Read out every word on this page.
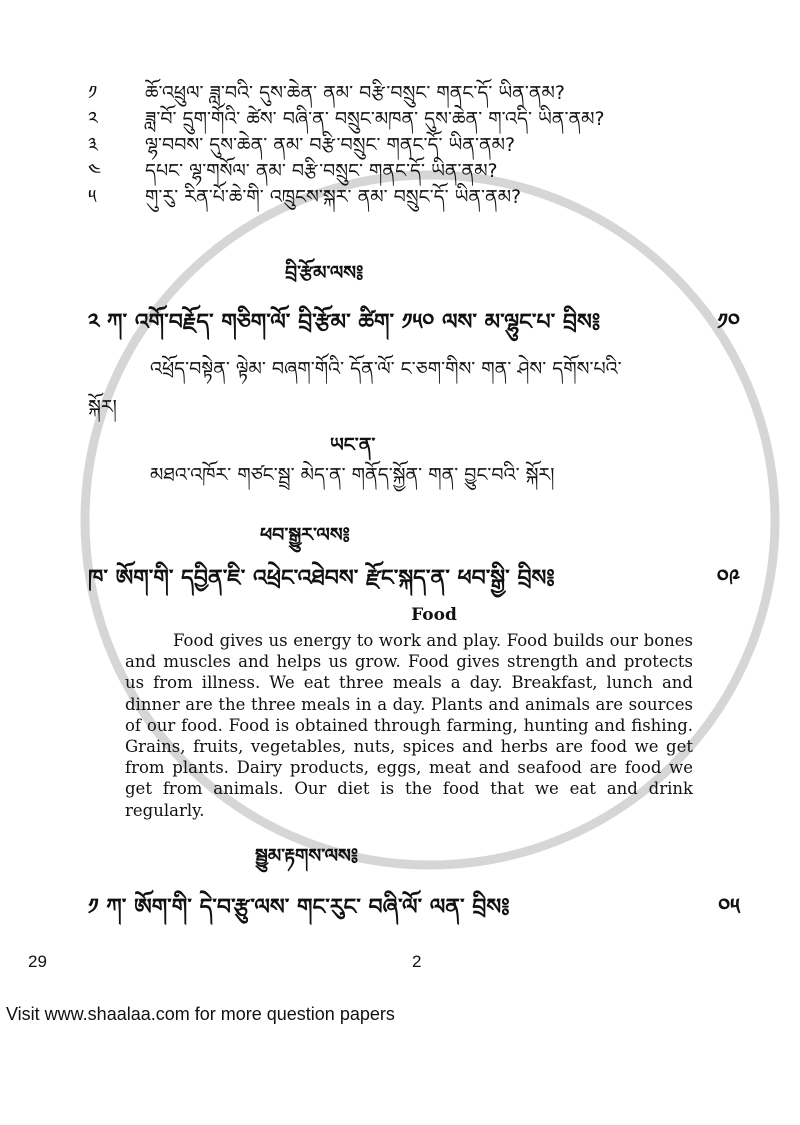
༡	ཆོ་འཕྲུལ་ ཟླ་བའི་ དུས་ཆེན་ ནམ་ བརྩི་བསྲུང་ གནང་དོ་ ཡིན་ནམ?
༢	ཟླ་བོ་ དྲུག་གོའི་ ཚེས་ བཞི་ན་ བསྲུང་མཁན་ དུས་ཆེན་ ག་འདི་ ཡིན་ནམ?
༣	ལྷ་བབས་ དུས་ཆེན་ ནམ་ བརྩི་བསྲུང་ གནང་དོ་ ཡིན་ནམ?
༤	དཔང་ ལྷ་གསོལ་ ནམ་ བརྩི་བསྲུང་ གནང་དོ་ ཡིན་ནམ?
༥	གུ་རུ་ རིན་པོ་ཆེ་གི་ འཁྲུངས་སྐར་ ནམ་ བསྲུང་དོ་ ཡིན་ནམ?
བྲི་རྩོམ་ལས༔
༢ ཀ་ འགོ་བརྗོད་ གཅིག་ལོ་ བྲི་རྩོམ་ ཚིག་ ༡༥༠ ལས་ མ་ལྷུང་པ་ བྲིས༔	༡༠
འཕྲོད་བསྟེན་ ལྟེམ་ བཞག་གོའི་ དོན་ལོ་ ང་ཅག་གིས་ གན་ ཤེས་ དགོས་པའི་
སྐོར།
ཡང་ན་
མཐའ་འཁོར་ གཙང་སྦྲ་ མེད་ན་ གནོད་སྐྱོན་ གན་ བྱུང་བའི་ སྐོར།
ཕབ་སྒྱུར་ལས༔
ཁ་ ཨོག་གི་ དབྱིན་ཇི་ འཕྲེང་འཐེབས་ རྫོང་སྐད་ན་ ཕབ་སྒྱི་ བྲིས༔	༠༩
Food

Food gives us energy to work and play. Food builds our bones and muscles and helps us grow. Food gives strength and protects us from illness. We eat three meals a day. Breakfast, lunch and dinner are the three meals in a day. Plants and animals are sources of our food. Food is obtained through farming, hunting and fishing. Grains, fruits, vegetables, nuts, spices and herbs are food we get from plants. Dairy products, eggs, meat and seafood are food we get from animals. Our diet is the food that we eat and drink regularly.

སྦྱུམ་རྟགས་ལས༔
༡ ཀ་ ཨོག་གི་ དེ་བ་རྩུ་ལས་ གང་རུང་ བཞི་ལོ་ ལན་ བྲིས༔	༠༥
29	2
Visit www.shaalaa.com for more question papers
